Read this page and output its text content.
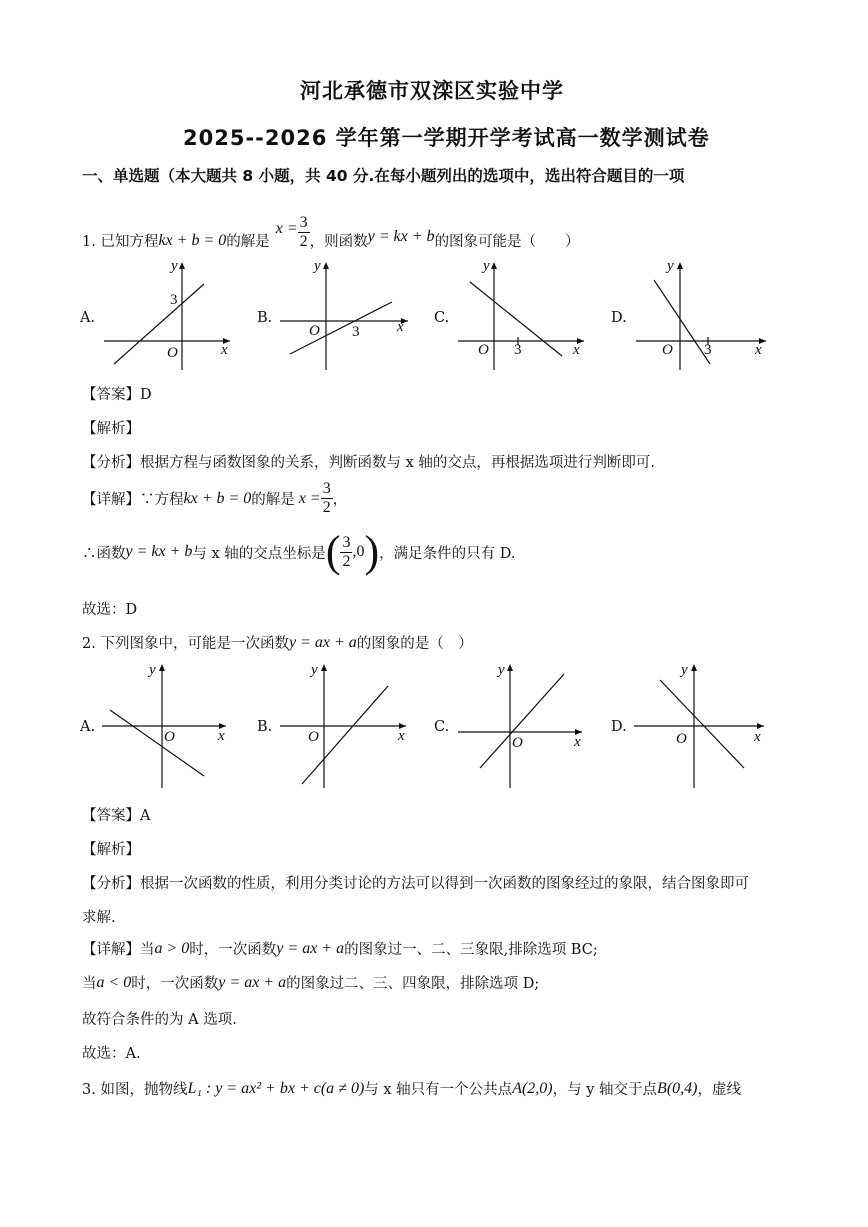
河北承德市双滦区实验中学
2025--2026 学年第一学期开学考试高一数学测试卷
一、单选题（本大题共 8 小题，共 40 分.在每小题列出的选项中，选出符合题目的一项
1. 已知方程 kx + b = 0 的解是
$x = \frac{3}{2}$ ，则函数 y = kx + b 的图象可能是（　　）
A.
y
x
O
3
B.
y
x
O 3
C.
y
x
O 3
D.
y
x
O 3
【答案】D
【解析】
【分析】根据方程与函数图象的关系，判断函数与 x 轴的交点，再根据选项进行判断即可.
【详解】∵方程 kx + b = 0 的解是 $x = \frac{3}{2}$ ，
∴函数 y = kx + b 与 x 轴的交点坐标是 ( $\frac{3}{2} ,0$ ) ，满足条件的只有 D.
故选：D
2. 下列图象中，可能是一次函数 y = ax + a 的图象的是（　）
A.
y
x
O
B.
y
x
O
C.
y
x
O
D.
y
x
O
【答案】A
【解析】
【分析】根据一次函数的性质，利用分类讨论的方法可以得到一次函数的图象经过的象限，结合图象即可
求解.
【详解】当 a > 0 时，一次函数 y = ax + a 的图象过一、二、三象限,排除选项 BC;
当 a < 0 时，一次函数 y = ax + a 的图象过二、三、四象限，排除选项 D;
故符合条件的为 A 选项.
故选：A.
3. 如图，抛物线 L₁ : y = ax² + bx + c(a ≠ 0) 与 x 轴只有一个公共点 A(2,0) ，与 y 轴交于点 B(0,4) ，虚线
